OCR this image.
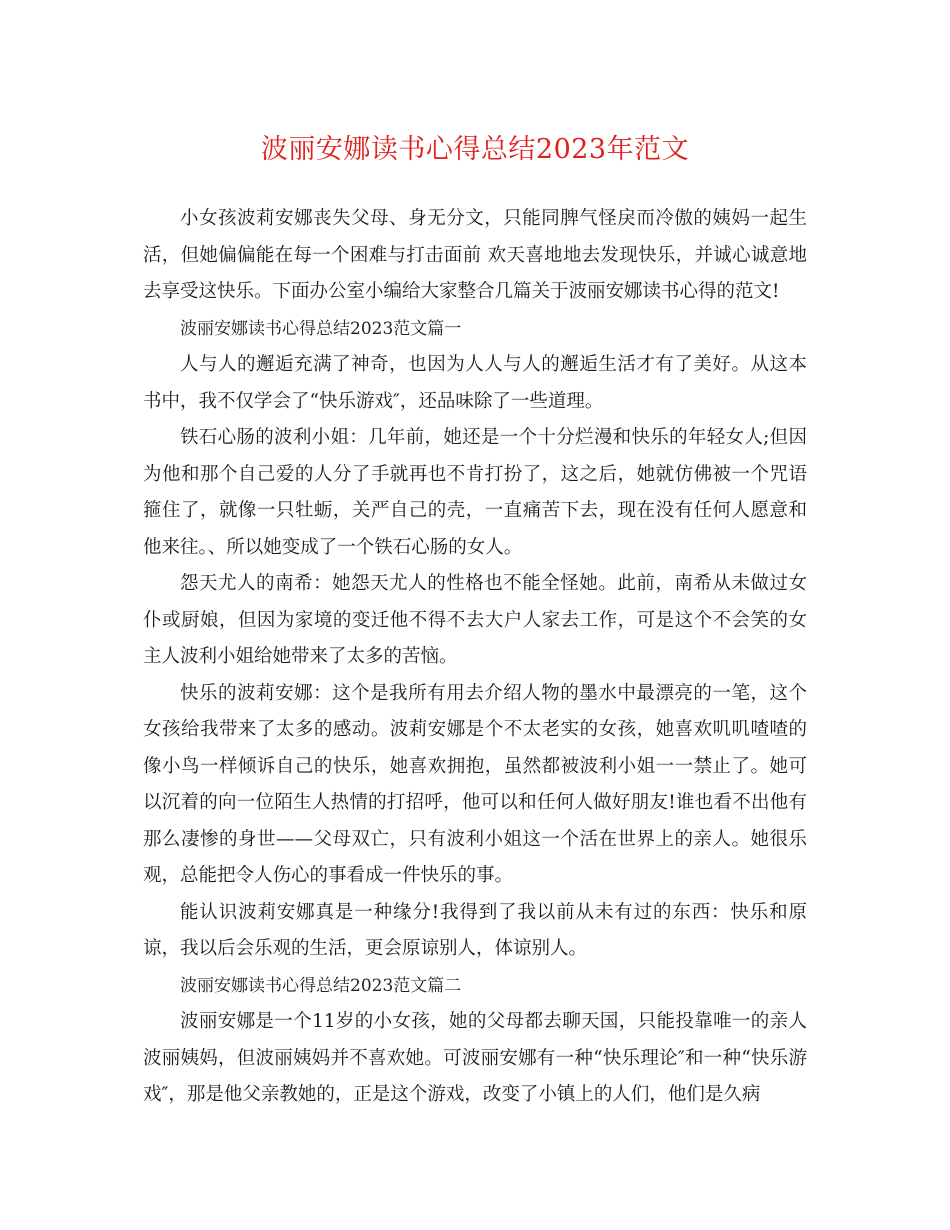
波丽安娜读书心得总结2023年范文

小女孩波莉安娜丧失父母、身无分文，只能同脾气怪戾而冷傲的姨妈一起生活，但她偏偏能在每一个困难与打击面前 欢天喜地地去发现快乐，并诚心诚意地去享受这快乐。下面办公室小编给大家整合几篇关于波丽安娜读书心得的范文!

波丽安娜读书心得总结2023范文篇一

人与人的邂逅充满了神奇，也因为人人与人的邂逅生活才有了美好。从这本书中，我不仅学会了“快乐游戏″，还品味除了一些道理。

铁石心肠的波利小姐：几年前，她还是一个十分烂漫和快乐的年轻女人;但因为他和那个自己爱的人分了手就再也不肯打扮了，这之后，她就仿佛被一个咒语箍住了，就像一只牡蛎，关严自己的壳，一直痛苦下去，现在没有任何人愿意和他来往。、所以她变成了一个铁石心肠的女人。

怨天尤人的南希：她怨天尤人的性格也不能全怪她。此前，南希从未做过女仆或厨娘，但因为家境的变迁他不得不去大户人家去工作，可是这个不会笑的女主人波利小姐给她带来了太多的苦恼。

快乐的波莉安娜：这个是我所有用去介绍人物的墨水中最漂亮的一笔，这个女孩给我带来了太多的感动。波莉安娜是个不太老实的女孩，她喜欢叽叽喳喳的像小鸟一样倾诉自己的快乐，她喜欢拥抱，虽然都被波利小姐一一禁止了。她可以沉着的向一位陌生人热情的打招呼，他可以和任何人做好朋友!谁也看不出他有那么凄惨的身世——父母双亡，只有波利小姐这一个活在世界上的亲人。她很乐观，总能把令人伤心的事看成一件快乐的事。

能认识波莉安娜真是一种缘分!我得到了我以前从未有过的东西：快乐和原谅，我以后会乐观的生活，更会原谅别人，体谅别人。

波丽安娜读书心得总结2023范文篇二

波丽安娜是一个11岁的小女孩，她的父母都去聊天国，只能投靠唯一的亲人波丽姨妈，但波丽姨妈并不喜欢她。可波丽安娜有一种“快乐理论″和一种“快乐游戏″，那是他父亲教她的，正是这个游戏，改变了小镇上的人们，他们是久病
